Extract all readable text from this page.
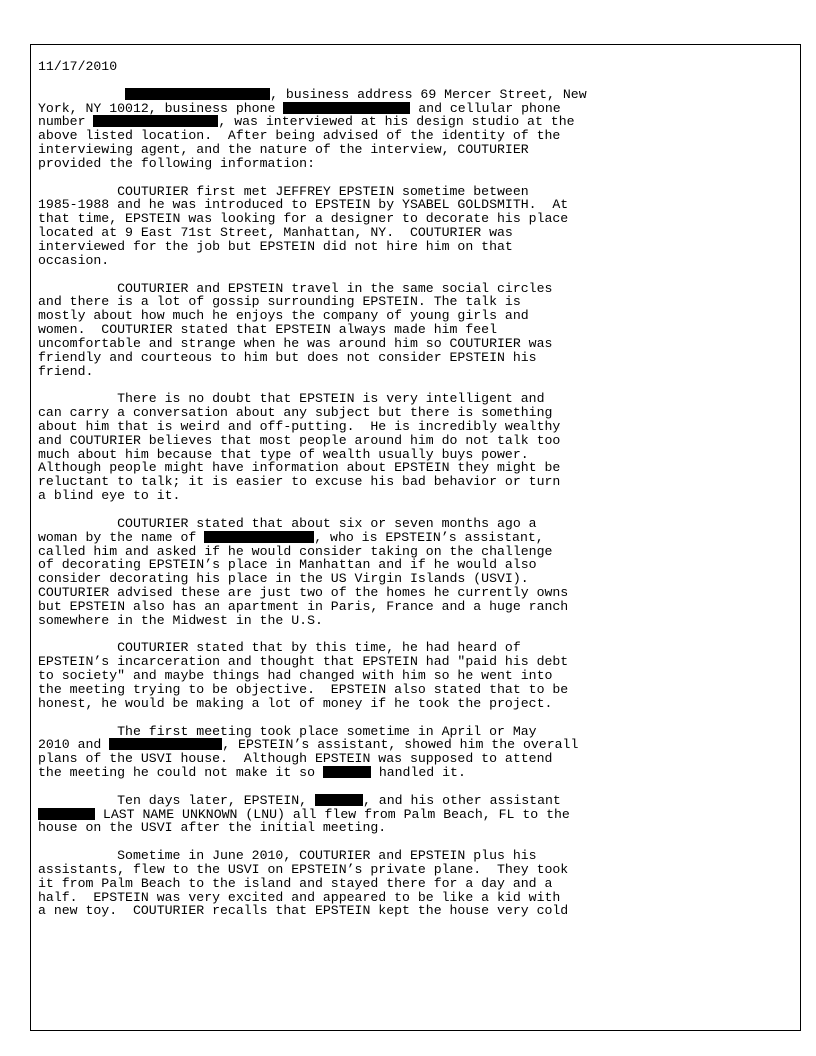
11/17/2010

, business address 69 Mercer Street, New

York, NY 10012, business phone	and cellular phone

number	, was interviewed at his design studio at the

above listed location.  After being advised of the identity of the

interviewing agent, and the nature of the interview, COUTURIER

provided the following information:

COUTURIER first met JEFFREY EPSTEIN sometime between

1985-1988 and he was introduced to EPSTEIN by YSABEL GOLDSMITH.  At

that time, EPSTEIN was looking for a designer to decorate his place

located at 9 East 71st Street, Manhattan, NY.  COUTURIER was

interviewed for the job but EPSTEIN did not hire him on that

occasion.

COUTURIER and EPSTEIN travel in the same social circles

and there is a lot of gossip surrounding EPSTEIN. The talk is

mostly about how much he enjoys the company of young girls and

women.  COUTURIER stated that EPSTEIN always made him feel

uncomfortable and strange when he was around him so COUTURIER was

friendly and courteous to him but does not consider EPSTEIN his

friend.

There is no doubt that EPSTEIN is very intelligent and

can carry a conversation about any subject but there is something

about him that is weird and off-putting.  He is incredibly wealthy

and COUTURIER believes that most people around him do not talk too

much about him because that type of wealth usually buys power.

Although people might have information about EPSTEIN they might be

reluctant to talk; it is easier to excuse his bad behavior or turn

a blind eye to it.

COUTURIER stated that about six or seven months ago a

woman by the name of	, who is EPSTEIN’s assistant,

called him and asked if he would consider taking on the challenge

of decorating EPSTEIN’s place in Manhattan and if he would also

consider decorating his place in the US Virgin Islands (USVI).

COUTURIER advised these are just two of the homes he currently owns

but EPSTEIN also has an apartment in Paris, France and a huge ranch

somewhere in the Midwest in the U.S.

COUTURIER stated that by this time, he had heard of

EPSTEIN’s incarceration and thought that EPSTEIN had "paid his debt

to society" and maybe things had changed with him so he went into

the meeting trying to be objective.  EPSTEIN also stated that to be

honest, he would be making a lot of money if he took the project.

The first meeting took place sometime in April or May

2010 and	, EPSTEIN’s assistant, showed him the overall

plans of the USVI house.  Although EPSTEIN was supposed to attend

the meeting he could not make it so	handled it.

Ten days later, EPSTEIN,	, and his other assistant

LAST NAME UNKNOWN (LNU) all flew from Palm Beach, FL to the

house on the USVI after the initial meeting.

Sometime in June 2010, COUTURIER and EPSTEIN plus his

assistants, flew to the USVI on EPSTEIN’s private plane.  They took

it from Palm Beach to the island and stayed there for a day and a

half.  EPSTEIN was very excited and appeared to be like a kid with

a new toy.  COUTURIER recalls that EPSTEIN kept the house very cold
